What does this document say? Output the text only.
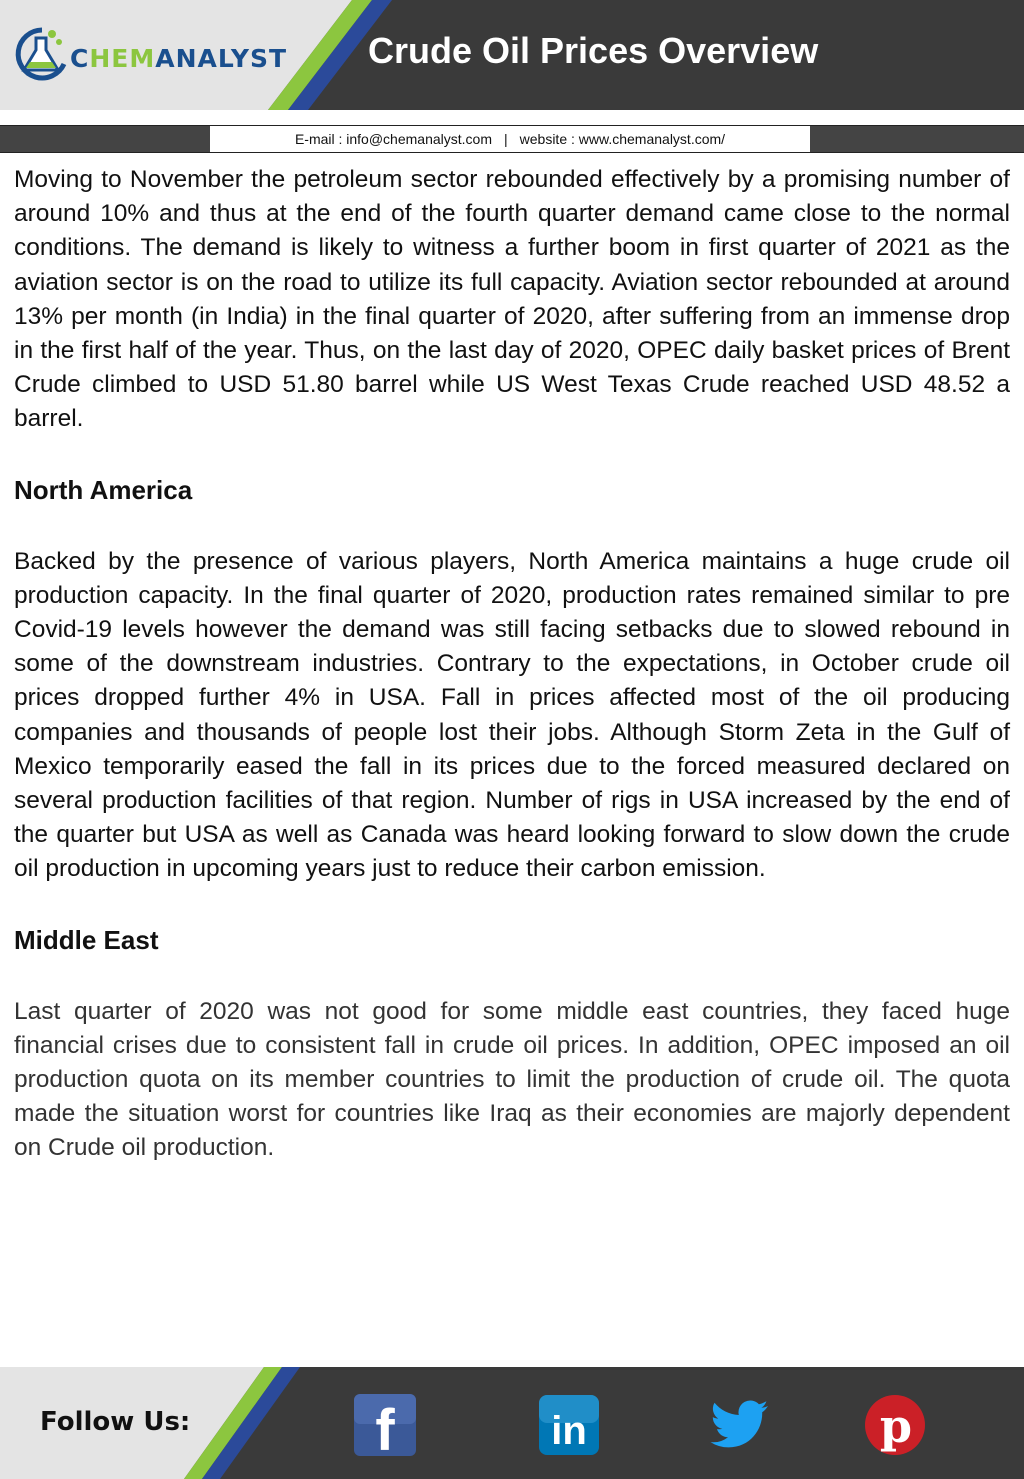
CHEMANALYST Crude Oil Prices Overview
E-mail : info@chemanalyst.com | website : www.chemanalyst.com/

Moving to November the petroleum sector rebounded effectively by a promising number of around 10% and thus at the end of the fourth quarter demand came close to the normal conditions. The demand is likely to witness a further boom in first quarter of 2021 as the aviation sector is on the road to utilize its full capacity. Aviation sector rebounded at around 13% per month (in India) in the final quarter of 2020, after suffering from an immense drop in the first half of the year. Thus, on the last day of 2020, OPEC daily basket prices of Brent Crude climbed to USD 51.80 barrel while US West Texas Crude reached USD 48.52 a barrel.

North America

Backed by the presence of various players, North America maintains a huge crude oil production capacity. In the final quarter of 2020, production rates remained similar to pre Covid-19 levels however the demand was still facing setbacks due to slowed rebound in some of the downstream industries. Contrary to the expectations, in October crude oil prices dropped further 4% in USA. Fall in prices affected most of the oil producing companies and thousands of people lost their jobs. Although Storm Zeta in the Gulf of Mexico temporarily eased the fall in its prices due to the forced measured declared on several production facilities of that region. Number of rigs in USA increased by the end of the quarter but USA as well as Canada was heard looking forward to slow down the crude oil production in upcoming years just to reduce their carbon emission.

Middle East

Last quarter of 2020 was not good for some middle east countries, they faced huge financial crises due to consistent fall in crude oil prices. In addition, OPEC imposed an oil production quota on its member countries to limit the production of crude oil. The quota made the situation worst for countries like Iraq as their economies are majorly dependent on Crude oil production.

Follow Us:	f	in	p
